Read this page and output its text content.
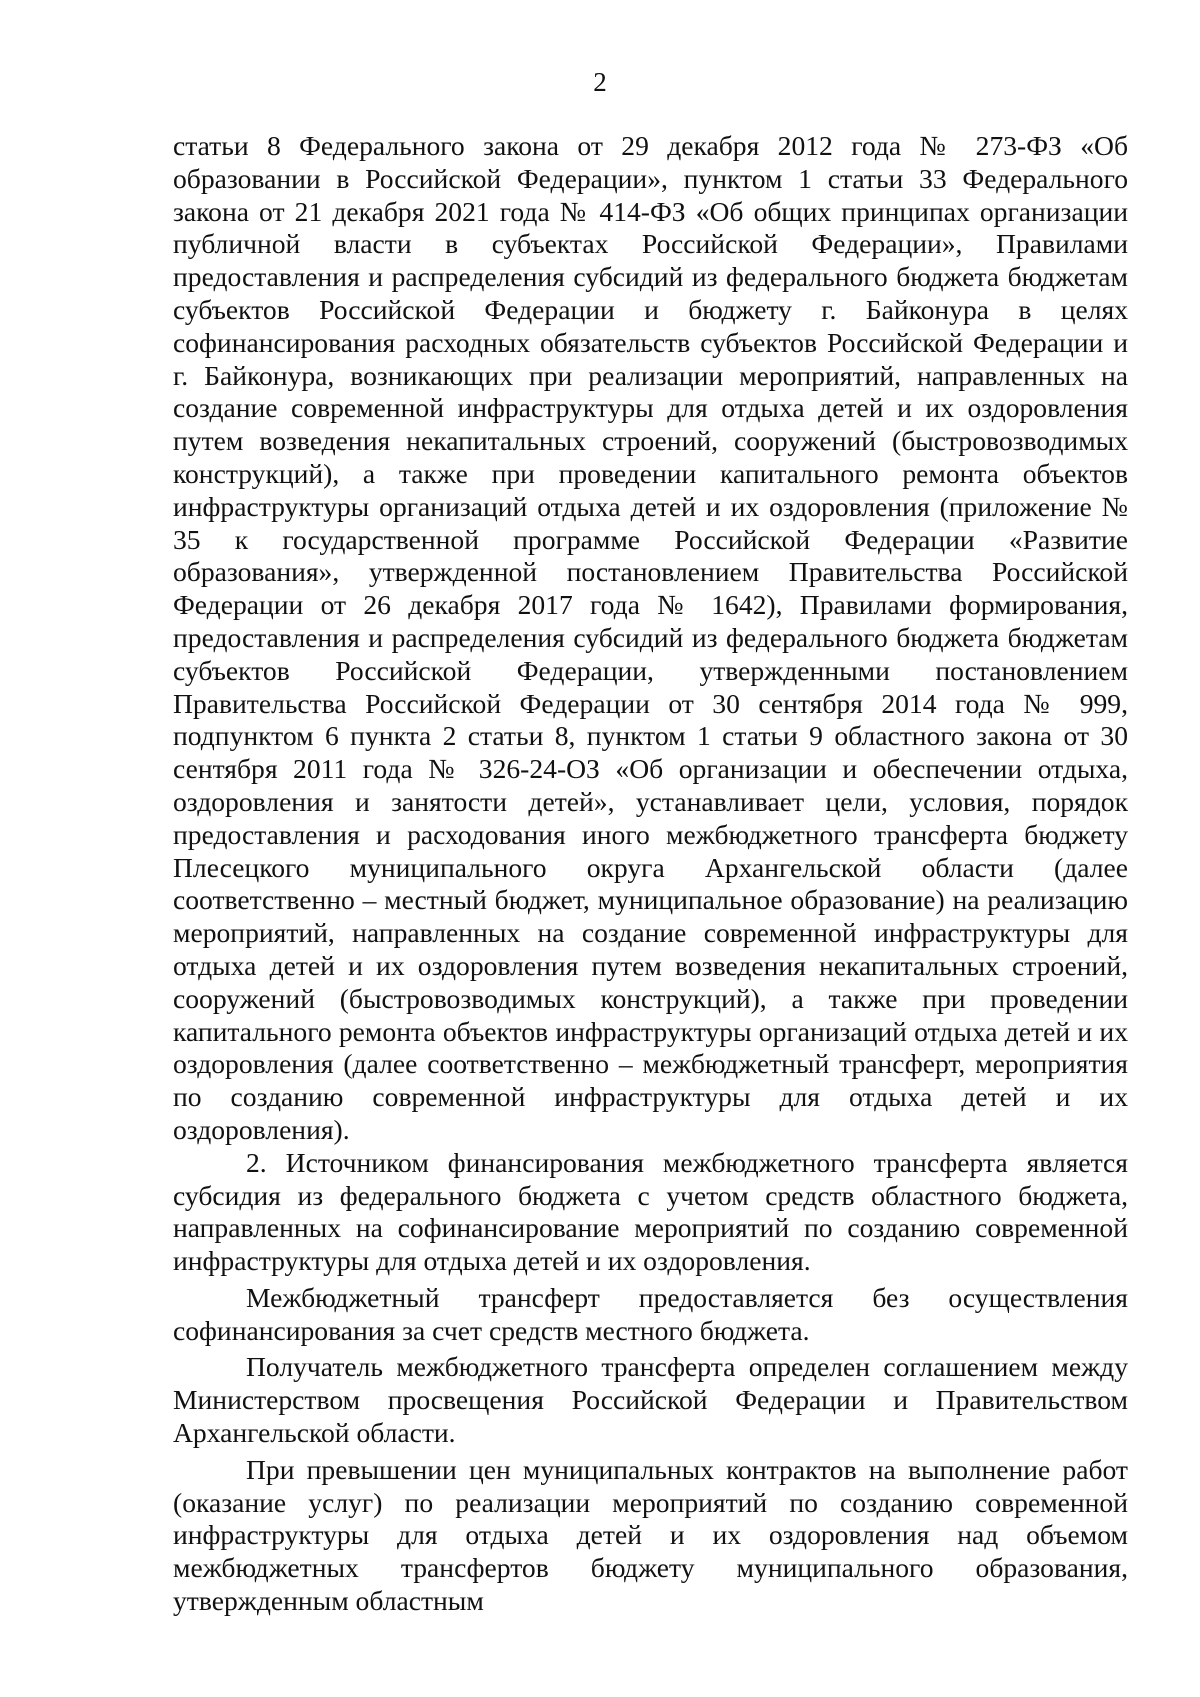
2

статьи 8 Федерального закона от 29 декабря 2012 года № 273-ФЗ «Об образовании в Российской Федерации», пунктом 1 статьи 33 Федерального закона от 21 декабря 2021 года № 414-ФЗ «Об общих принципах организации публичной власти в субъектах Российской Федерации», Правилами предоставления и распределения субсидий из федерального бюджета бюджетам субъектов Российской Федерации и бюджету г. Байконура в целях софинансирования расходных обязательств субъектов Российской Федерации и г. Байконура, возникающих при реализации мероприятий, направленных на создание современной инфраструктуры для отдыха детей и их оздоровления путем возведения некапитальных строений, сооружений (быстровозводимых конструкций), а также при проведении капитального ремонта объектов инфраструктуры организаций отдыха детей и их оздоровления (приложение № 35 к государственной программе Российской Федерации «Развитие образования», утвержденной постановлением Правительства Российской Федерации от 26 декабря 2017 года № 1642), Правилами формирования, предоставления и распределения субсидий из федерального бюджета бюджетам субъектов Российской Федерации, утвержденными постановлением Правительства Российской Федерации от 30 сентября 2014 года № 999, подпунктом 6 пункта 2 статьи 8, пунктом 1 статьи 9 областного закона от 30 сентября 2011 года № 326-24-ОЗ «Об организации и обеспечении отдыха, оздоровления и занятости детей», устанавливает цели, условия, порядок предоставления и расходования иного межбюджетного трансферта бюджету Плесецкого муниципального округа Архангельской области (далее соответственно – местный бюджет, муниципальное образование) на реализацию мероприятий, направленных на создание современной инфраструктуры для отдыха детей и их оздоровления путем возведения некапитальных строений, сооружений (быстровозводимых конструкций), а также при проведении капитального ремонта объектов инфраструктуры организаций отдыха детей и их оздоровления (далее соответственно – межбюджетный трансферт, мероприятия по созданию современной инфраструктуры для отдыха детей и их оздоровления).

2. Источником финансирования межбюджетного трансферта является субсидия из федерального бюджета с учетом средств областного бюджета, направленных на софинансирование мероприятий по созданию современной инфраструктуры для отдыха детей и их оздоровления.

Межбюджетный трансферт предоставляется без осуществления софинансирования за счет средств местного бюджета.

Получатель межбюджетного трансферта определен соглашением между Министерством просвещения Российской Федерации и Правительством Архангельской области.

При превышении цен муниципальных контрактов на выполнение работ (оказание услуг) по реализации мероприятий по созданию современной инфраструктуры для отдыха детей и их оздоровления над объемом межбюджетных трансфертов бюджету муниципального образования, утвержденным областным
